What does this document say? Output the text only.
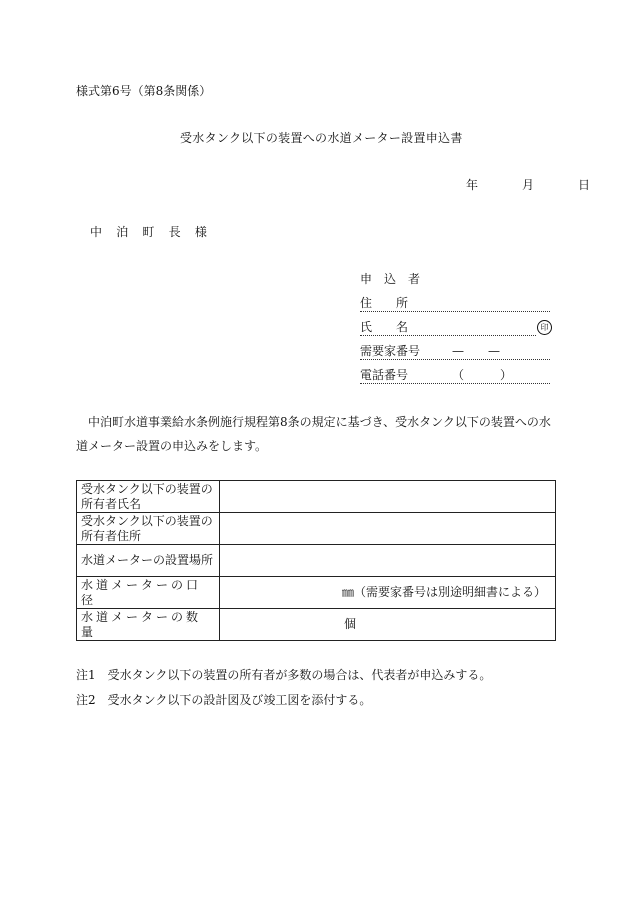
様式第6号（第8条関係）
受水タンク以下の装置への水道メーター設置申込書
年	月	日
中 泊 町 長 様
申　込　者
住　　所
氏　　名	印
需要家番号	—　　—
電話番号	（　　　）
中泊町水道事業給水条例施行規程第8条の規定に基づき、受水タンク以下の装置への水道メーター設置の申込みをします。
受水タンク以下の装置の所有者氏名	
受水タンク以下の装置の所有者住所	
水道メーターの設置場所	
水道メーターの口径	㎜（需要家番号は別途明細書による）
水道メーターの数量	個
注1　受水タンク以下の装置の所有者が多数の場合は、代表者が申込みする。
注2　受水タンク以下の設計図及び竣工図を添付する。
